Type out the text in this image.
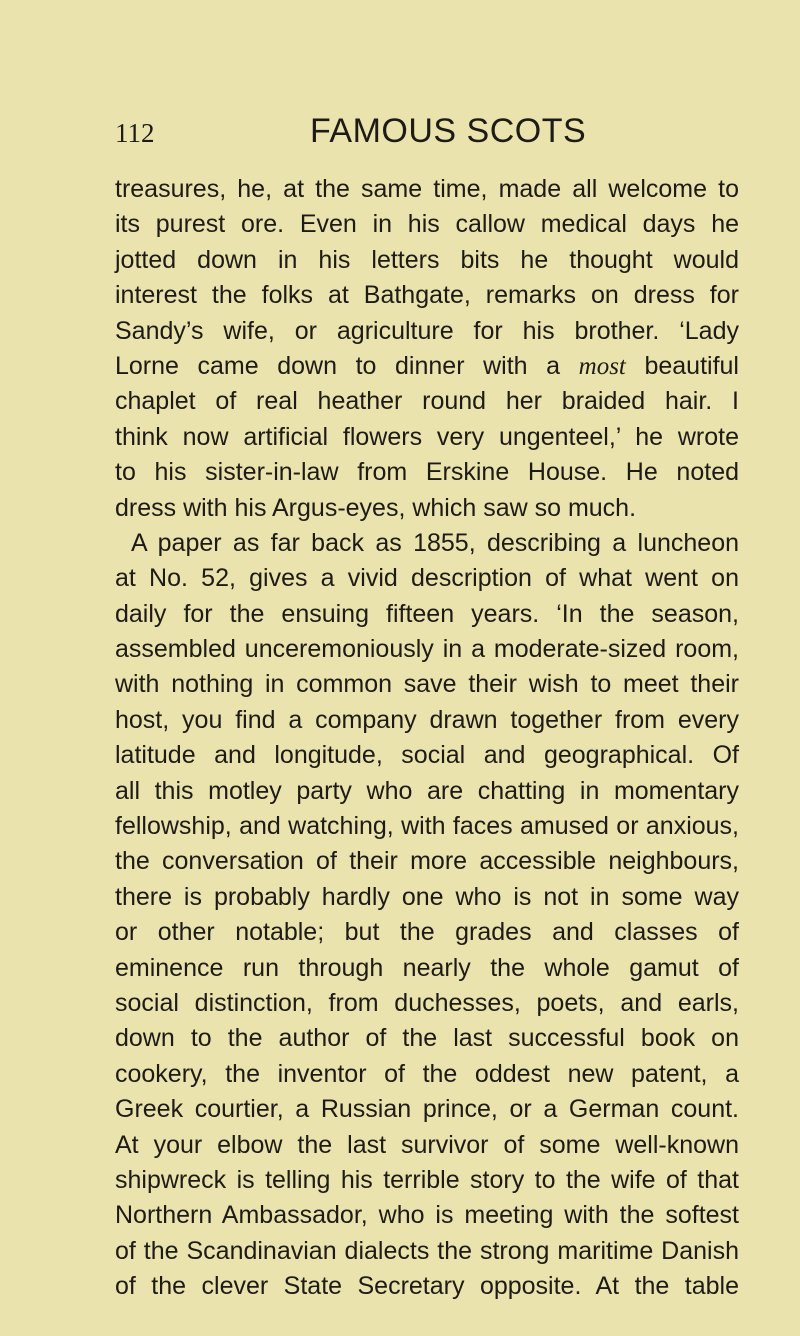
112	FAMOUS SCOTS
treasures, he, at the same time, made all welcome to
its purest ore. Even in his callow medical days he
jotted down in his letters bits he thought would
interest the folks at Bathgate, remarks on dress for
Sandy’s wife, or agriculture for his brother. ‘Lady
Lorne came down to dinner with a most beautiful
chaplet of real heather round her braided hair. I
think now artificial flowers very ungenteel,’ he wrote
to his sister-in-law from Erskine House. He noted
dress with his Argus-eyes, which saw so much.
A paper as far back as 1855, describing a luncheon
at No. 52, gives a vivid description of what went on
daily for the ensuing fifteen years. ‘In the season,
assembled unceremoniously in a moderate-sized room,
with nothing in common save their wish to meet their
host, you find a company drawn together from every
latitude and longitude, social and geographical. Of
all this motley party who are chatting in momentary
fellowship, and watching, with faces amused or anxious,
the conversation of their more accessible neighbours,
there is probably hardly one who is not in some way
or other notable; but the grades and classes of
eminence run through nearly the whole gamut of
social distinction, from duchesses, poets, and earls,
down to the author of the last successful book on
cookery, the inventor of the oddest new patent, a
Greek courtier, a Russian prince, or a German count.
At your elbow the last survivor of some well-known
shipwreck is telling his terrible story to the wife of that
Northern Ambassador, who is meeting with the softest
of the Scandinavian dialects the strong maritime Danish
of the clever State Secretary opposite. At the table
